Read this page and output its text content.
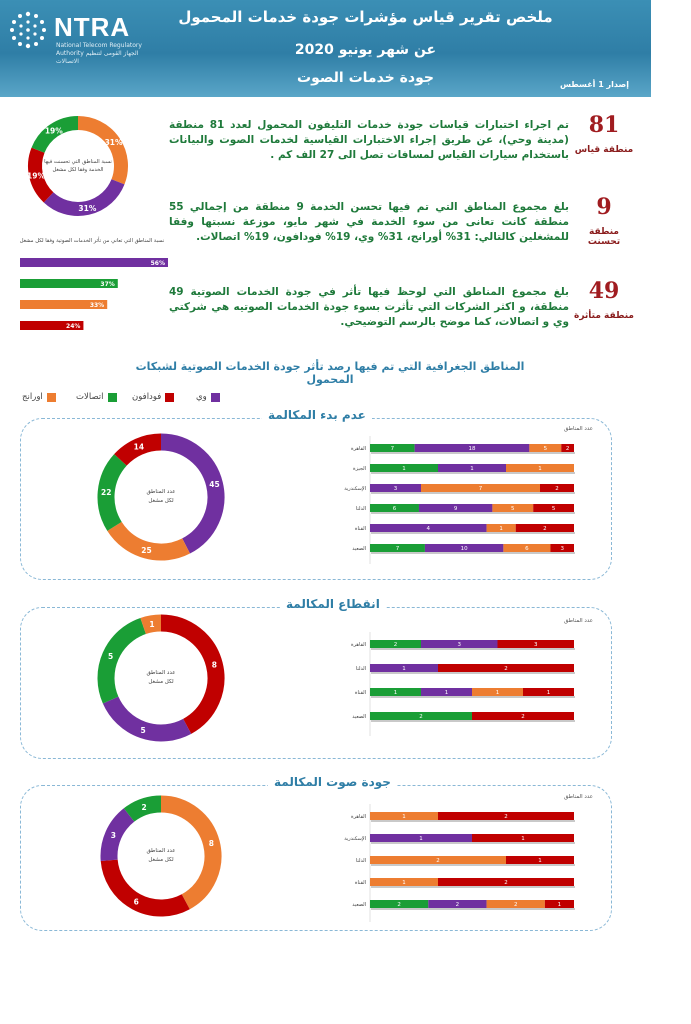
NTRA
National Telecom Regulatory Authority الجهاز القومى لتنظيم الاتصالات
ملخص تقرير قياس مؤشرات جودة خدمات المحمول
عن شهر يونيو 2020
جودة خدمات الصوت	إصدار 1 أغسطس
81
منطقة قياس
تم اجراء اختبارات قياسات جودة خدمات التليفون المحمول لعدد 81 منطقة (مدينة وحي)، عن طريق إجراء الاختبارات القياسية لخدمات الصوت والبيانات باستخدام سيارات القياس لمسافات تصل الى 27 الف كم .
9
منطقة تحسنت
بلغ مجموع المناطق التي تم فيها تحسن الخدمة 9 منطقة من إجمالي 55 منطقة كانت تعانى من سوء الخدمة في شهر مايو، موزعة نسبتها وفقا للمشغلين كالتالي: 31% أورانج، 31% وي، 19% فودافون، 19% اتصالات.
49
منطقة متأثرة
بلغ مجموع المناطق التي لوحظ فيها تأثر في جودة الخدمات الصوتية 49 منطقة، و اكثر الشركات التي تأثرت بسوء جودة الخدمات الصوتيه هي شركتي وي و اتصالات، كما موضح بالرسم التوضيحي.
31%
31%
19%
19%
نسبة المناطق التي تحسنت فيها
الخدمة وفقا لكل مشغل
نسبة المناطق التي تعاني من تأثر الخدمات الصوتية وفقا لكل مشغل
56%
37%
33%
24%
المناطق الجغرافية التي تم فيها رصد تأثر جودة الخدمات الصوتية لشبكات المحمول
وي
فودافون
اتصالات
اورانج
عدم بدء المكالمة
45
25
22
14
عدد المناطق
لكل مشغل
عدد المناطق
7	18	5	2
القاهرة
1	1	1
الجيزة
3	7	2
الإسكندرية
6	9	5	5
الدلتا
4	1	2
القناة
7	10	6	3
الصعيد
انقطاع المكالمة
8
5
5
1
عدد المناطق
لكل مشغل
عدد المناطق
2	3	3
القاهرة
1	2
الدلتا
1	1	1	1
القناة
2	2
الصعيد
جودة صوت المكالمة
8
6
3
2
عدد المناطق
لكل مشغل
عدد المناطق
1	2
القاهرة
1	1
الإسكندرية
2	1
الدلتا
1	2
القناة
2	2	2	1
الصعيد
